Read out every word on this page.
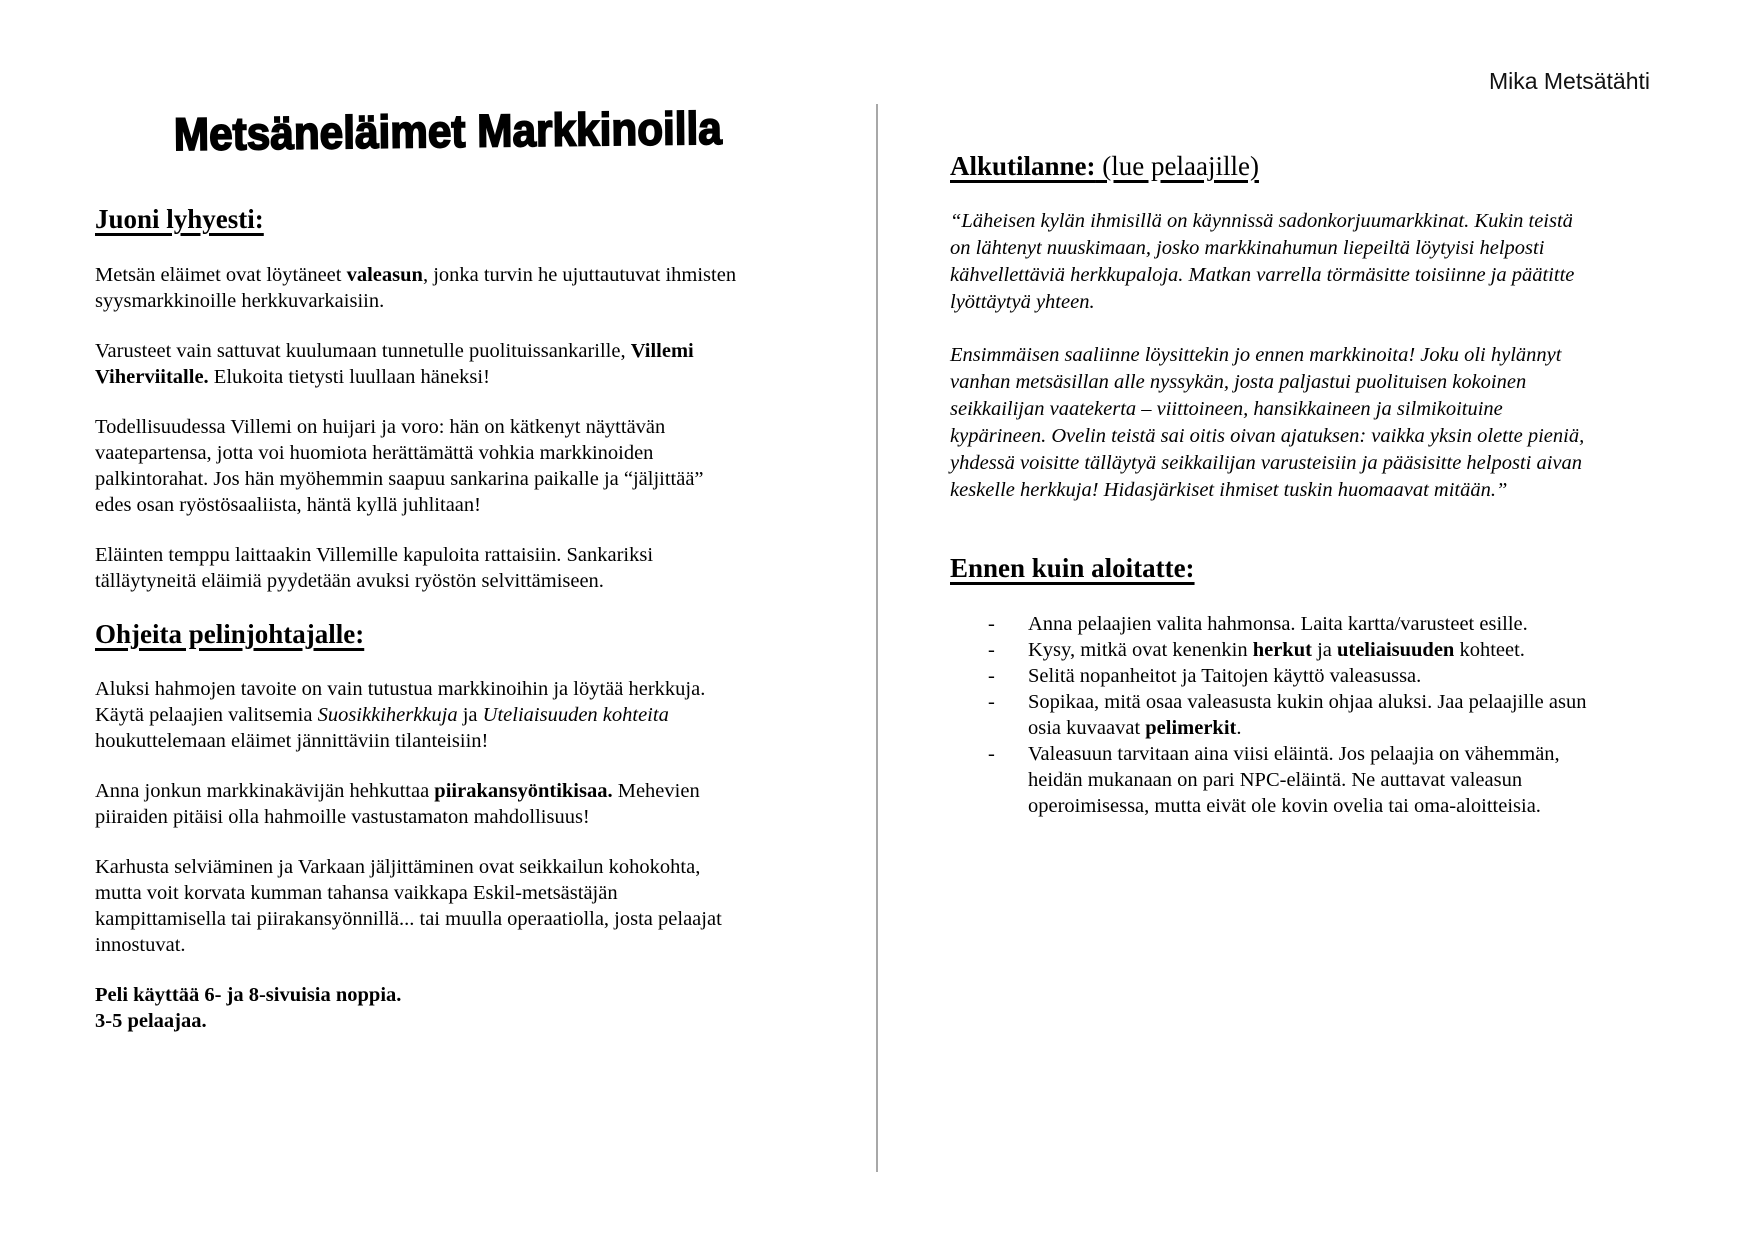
Mika Metsätähti
Metsäneläimet Markkinoilla
Juoni lyhyesti:

Metsän eläimet ovat löytäneet valeasun, jonka turvin he ujuttautuvat ihmisten syysmarkkinoille herkkuvarkaisiin.

Varusteet vain sattuvat kuulumaan tunnetulle puolituissankarille, Villemi Viherviitalle. Elukoita tietysti luullaan häneksi!

Todellisuudessa Villemi on huijari ja voro: hän on kätkenyt näyttävän vaatepartensa, jotta voi huomiota herättämättä vohkia markkinoiden palkintorahat. Jos hän myöhemmin saapuu sankarina paikalle ja “jäljittää” edes osan ryöstösaaliista, häntä kyllä juhlitaan!

Eläinten temppu laittaakin Villemille kapuloita rattaisiin. Sankariksi tälläytyneitä eläimiä pyydetään avuksi ryöstön selvittämiseen.

Ohjeita pelinjohtajalle:

Aluksi hahmojen tavoite on vain tutustua markkinoihin ja löytää herkkuja. Käytä pelaajien valitsemia Suosikkiherkkuja ja Uteliaisuuden kohteita houkuttelemaan eläimet jännittäviin tilanteisiin!

Anna jonkun markkinakävijän hehkuttaa piirakansyöntikisaa. Mehevien piiraiden pitäisi olla hahmoille vastustamaton mahdollisuus!

Karhusta selviäminen ja Varkaan jäljittäminen ovat seikkailun kohokohta, mutta voit korvata kumman tahansa vaikkapa Eskil-metsästäjän kampittamisella tai piirakansyönnillä... tai muulla operaatiolla, josta pelaajat innostuvat.

Peli käyttää 6- ja 8-sivuisia noppia.

3-5 pelaajaa.

Alkutilanne: (lue pelaajille)

“Läheisen kylän ihmisillä on käynnissä sadonkorjuumarkkinat. Kukin teistä on lähtenyt nuuskimaan, josko markkinahumun liepeiltä löytyisi helposti kähvellettäviä herkkupaloja. Matkan varrella törmäsitte toisiinne ja päätitte lyöttäytyä yhteen.

Ensimmäisen saaliinne löysittekin jo ennen markkinoita! Joku oli hylännyt vanhan metsäsillan alle nyssykän, josta paljastui puolituisen kokoinen seikkailijan vaatekerta – viittoineen, hansikkaineen ja silmikoituine kypärineen. Ovelin teistä sai oitis oivan ajatuksen: vaikka yksin olette pieniä, yhdessä voisitte tälläytyä seikkailijan varusteisiin ja pääsisitte helposti aivan keskelle herkkuja! Hidasjärkiset ihmiset tuskin huomaavat mitään.”

Ennen kuin aloitatte:
-	Anna pelaajien valita hahmonsa. Laita kartta/varusteet esille.
-	Kysy, mitkä ovat kenenkin herkut ja uteliaisuuden kohteet.
-	Selitä nopanheitot ja Taitojen käyttö valeasussa.
-	Sopikaa, mitä osaa valeasusta kukin ohjaa aluksi. Jaa pelaajille asun osia kuvaavat pelimerkit.
-	Valeasuun tarvitaan aina viisi eläintä. Jos pelaajia on vähemmän, heidän mukanaan on pari NPC-eläintä. Ne auttavat valeasun operoimisessa, mutta eivät ole kovin ovelia tai oma-aloitteisia.
